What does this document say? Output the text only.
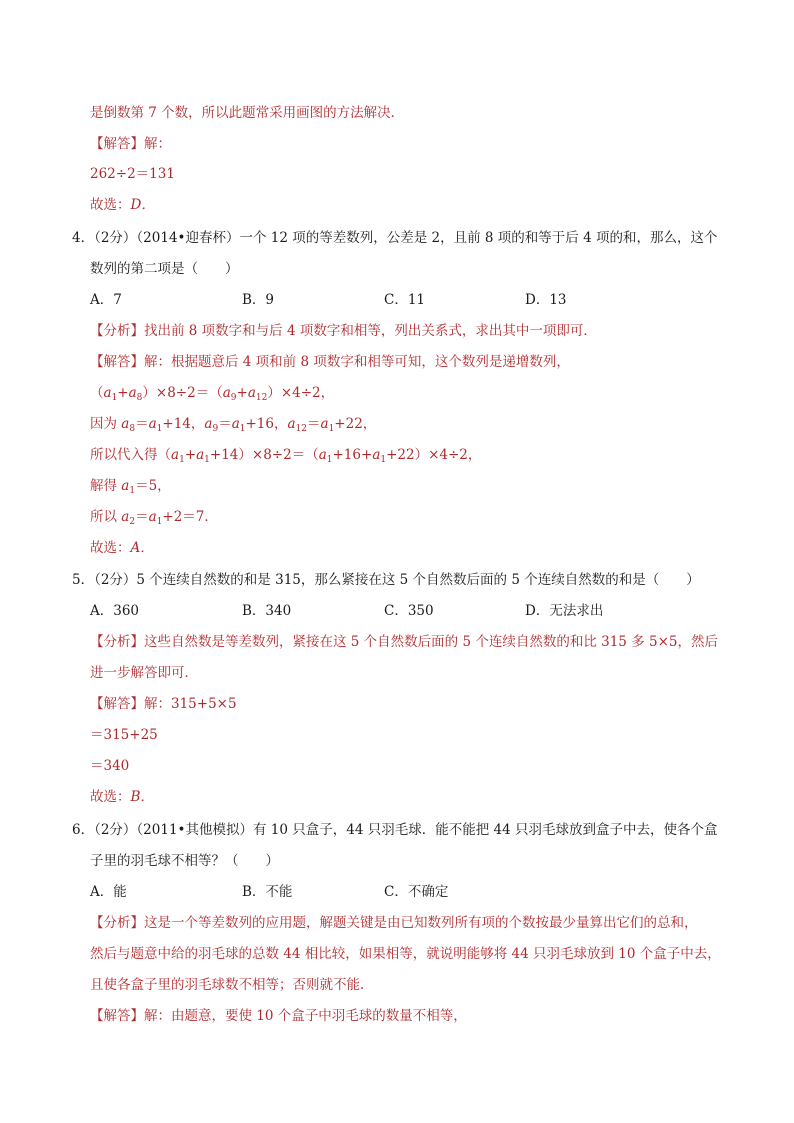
是倒数第 7 个数，所以此题常采用画图的方法解决．
【解答】解：
262÷2＝131
故选：D．
4．（2分）（2014•迎春杯）一个 12 项的等差数列，公差是 2，且前 8 项的和等于后 4 项的和，那么，这个
数列的第二项是（　　）
A．7	B．9	C．11	D．13
【分析】找出前 8 项数字和与后 4 项数字和相等，列出关系式，求出其中一项即可．
【解答】解：根据题意后 4 项和前 8 项数字和相等可知，这个数列是递增数列，
$(a_1+a_8)\times 8\div 2=(a_9+a_{12})\times 4\div 2$，
因为 $a_8=a_1+14$，$a_9=a_1+16$，$a_{12}=a_1+22$，
所以代入得$(a_1+a_1+14)\times 8\div 2=(a_1+16+a_1+22)\times 4\div 2$，
解得 $a_1=5$，
所以 $a_2=a_1+2=7$．
故选：A．
5．（2分）5 个连续自然数的和是 315，那么紧接在这 5 个自然数后面的 5 个连续自然数的和是（　　）
A．360	B．340	C．350	D．无法求出
【分析】这些自然数是等差数列，紧接在这 5 个自然数后面的 5 个连续自然数的和比 315 多 5×5，然后
进一步解答即可．
【解答】解：315+5×5
＝315+25
＝340
故选：B．
6．（2分）（2011•其他模拟）有 10 只盒子，44 只羽毛球．能不能把 44 只羽毛球放到盒子中去，使各个盒
子里的羽毛球不相等？（　　）
A．能	B．不能	C．不确定
【分析】这是一个等差数列的应用题，解题关键是由已知数列所有项的个数按最少量算出它们的总和，
然后与题意中给的羽毛球的总数 44 相比较，如果相等，就说明能够将 44 只羽毛球放到 10 个盒子中去，
且使各盒子里的羽毛球数不相等；否则就不能．
【解答】解：由题意，要使 10 个盒子中羽毛球的数量不相等，
